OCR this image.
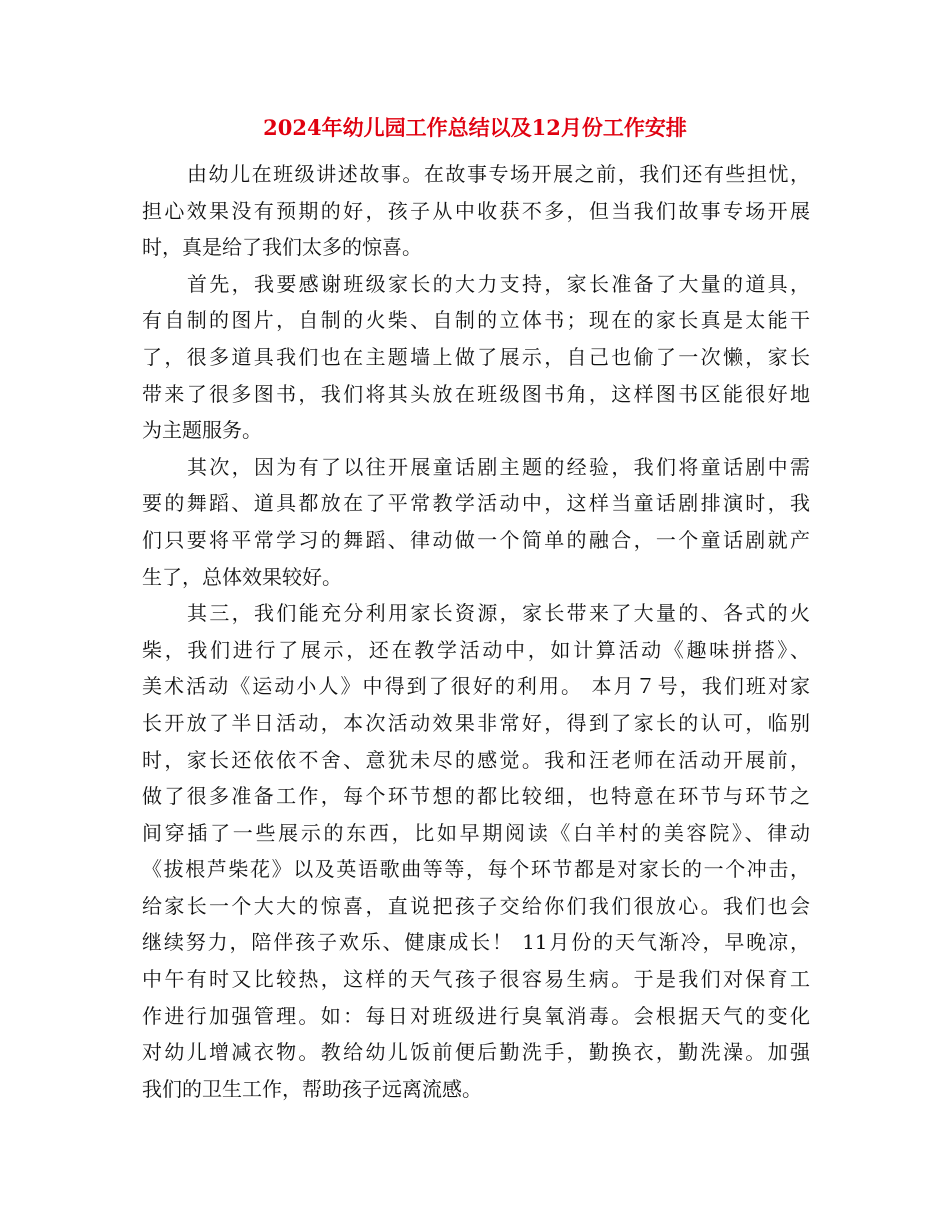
2024年幼儿园工作总结以及12月份工作安排

由幼儿在班级讲述故事。在故事专场开展之前，我们还有些担忧，
担心效果没有预期的好，孩子从中收获不多，但当我们故事专场开展
时，真是给了我们太多的惊喜。

首先，我要感谢班级家长的大力支持，家长准备了大量的道具，
有自制的图片，自制的火柴、自制的立体书；现在的家长真是太能干
了，很多道具我们也在主题墙上做了展示，自己也偷了一次懒，家长
带来了很多图书，我们将其头放在班级图书角，这样图书区能很好地
为主题服务。

其次，因为有了以往开展童话剧主题的经验，我们将童话剧中需
要的舞蹈、道具都放在了平常教学活动中，这样当童话剧排演时，我
们只要将平常学习的舞蹈、律动做一个简单的融合，一个童话剧就产
生了，总体效果较好。

其三，我们能充分利用家长资源，家长带来了大量的、各式的火
柴，我们进行了展示，还在教学活动中，如计算活动《趣味拼搭》、
美术活动《运动小人》中得到了很好的利用。 本月７号，我们班对家
长开放了半日活动，本次活动效果非常好，得到了家长的认可，临别
时，家长还依依不舍、意犹未尽的感觉。我和汪老师在活动开展前，
做了很多准备工作，每个环节想的都比较细，也特意在环节与环节之
间穿插了一些展示的东西，比如早期阅读《白羊村的美容院》、律动
《拔根芦柴花》以及英语歌曲等等，每个环节都是对家长的一个冲击，
给家长一个大大的惊喜，直说把孩子交给你们我们很放心。我们也会
继续努力，陪伴孩子欢乐、健康成长！ 11月份的天气渐冷，早晚凉，
中午有时又比较热，这样的天气孩子很容易生病。于是我们对保育工
作进行加强管理。如：每日对班级进行臭氧消毒。会根据天气的变化
对幼儿增减衣物。教给幼儿饭前便后勤洗手，勤换衣，勤洗澡。加强
我们的卫生工作，帮助孩子远离流感。
